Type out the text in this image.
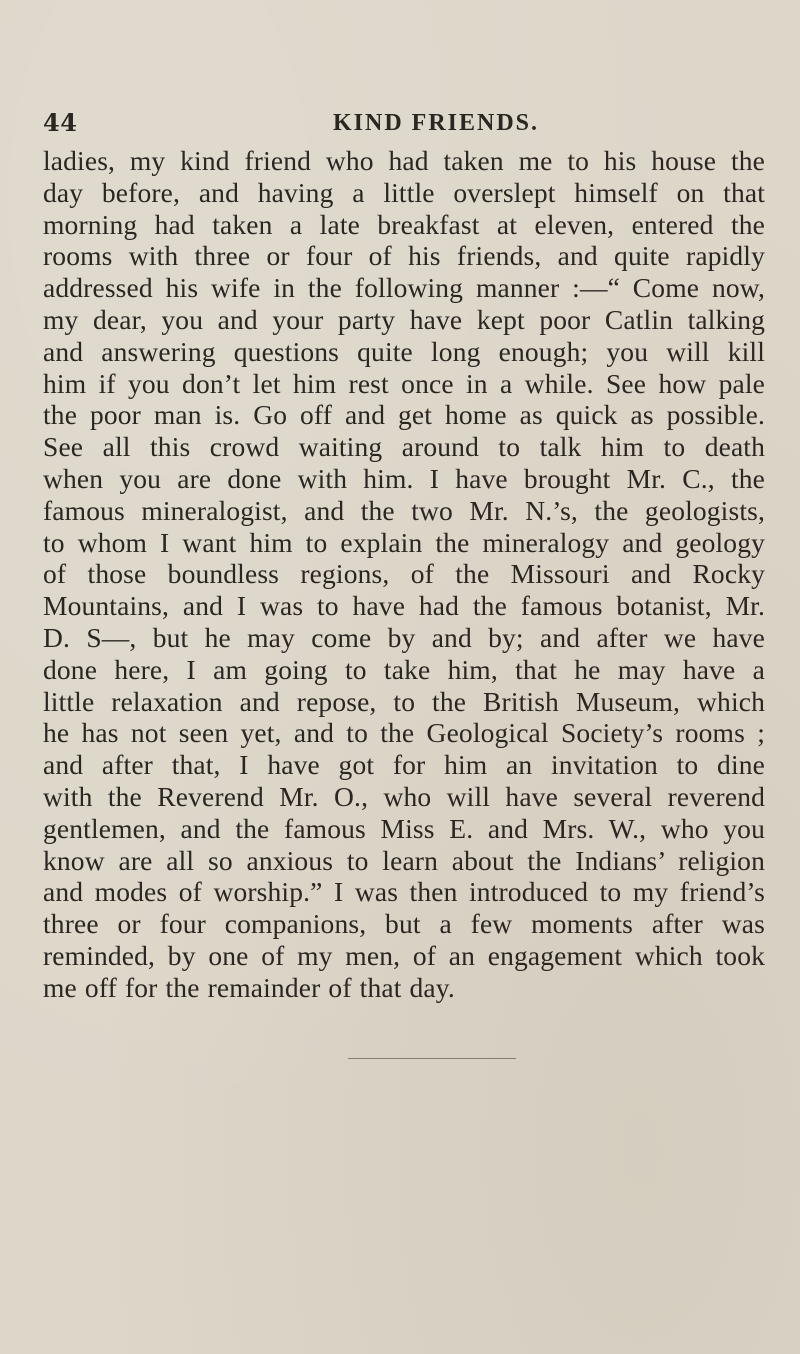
44	KIND FRIENDS.
ladies, my kind friend who had taken me to his house the
day before, and having a little overslept himself on that
morning had taken a late breakfast at eleven, entered the
rooms with three or four of his friends, and quite rapidly
addressed his wife in the following manner :—“ Come now,
my dear, you and your party have kept poor Catlin talking
and answering questions quite long enough; you will kill
him if you don’t let him rest once in a while. See how pale
the poor man is. Go off and get home as quick as possible.
See all this crowd waiting around to talk him to death
when you are done with him. I have brought Mr. C., the
famous mineralogist, and the two Mr. N.’s, the geologists,
to whom I want him to explain the mineralogy and geology
of those boundless regions, of the Missouri and Rocky
Mountains, and I was to have had the famous botanist, Mr.
D. S—, but he may come by and by; and after we have
done here, I am going to take him, that he may have a
little relaxation and repose, to the British Museum, which
he has not seen yet, and to the Geological Society’s rooms ;
and after that, I have got for him an invitation to dine
with the Reverend Mr. O., who will have several reverend
gentlemen, and the famous Miss E. and Mrs. W., who you
know are all so anxious to learn about the Indians’ religion
and modes of worship.” I was then introduced to my friend’s
three or four companions, but a few moments after was
reminded, by one of my men, of an engagement which took
me off for the remainder of that day.
